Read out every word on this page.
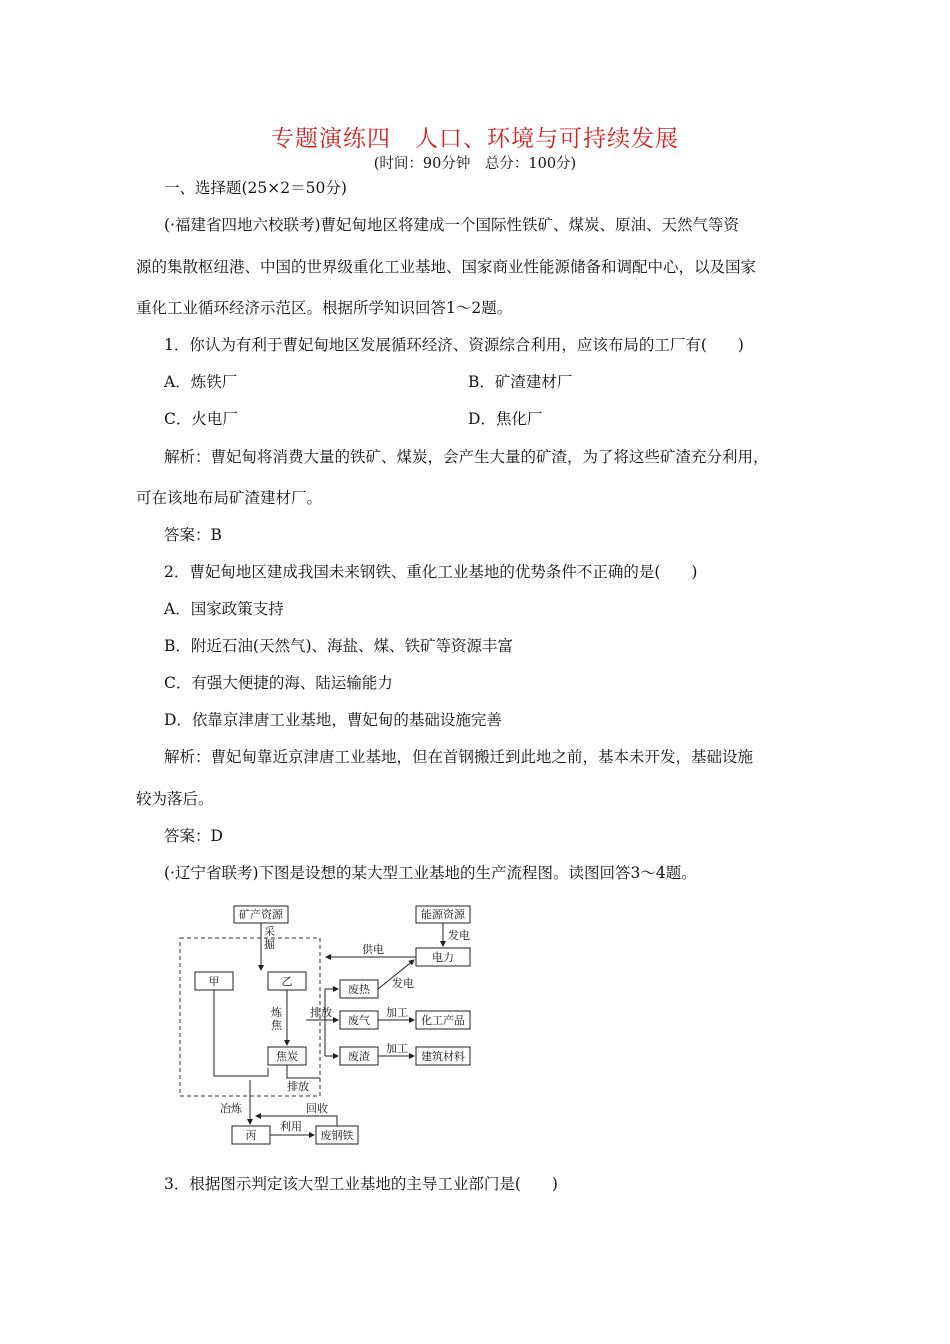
专题演练四　人口、环境与可持续发展
(时间：90分钟　总分：100分)
一、选择题(25×2＝50分)
(·福建省四地六校联考)曹妃甸地区将建成一个国际性铁矿、煤炭、原油、天然气等资
源的集散枢纽港、中国的世界级重化工业基地、国家商业性能源储备和调配中心，以及国家
重化工业循环经济示范区。根据所学知识回答1～2题。
1．你认为有利于曹妃甸地区发展循环经济、资源综合利用，应该布局的工厂有(　　)
A．炼铁厂	B．矿渣建材厂
C．火电厂	D．焦化厂
解析：曹妃甸将消费大量的铁矿、煤炭，会产生大量的矿渣，为了将这些矿渣充分利用，
可在该地布局矿渣建材厂。
答案：B
2．曹妃甸地区建成我国未来钢铁、重化工业基地的优势条件不正确的是(　　)
A．国家政策支持
B．附近石油(天然气)、海盐、煤、铁矿等资源丰富
C．有强大便捷的海、陆运输能力
D．依靠京津唐工业基地，曹妃甸的基础设施完善
解析：曹妃甸靠近京津唐工业基地，但在首钢搬迁到此地之前，基本未开发，基础设施
较为落后。
答案：D
(·辽宁省联考)下图是设想的某大型工业基地的生产流程图。读图回答3～4题。
矿产资源	能源资源
甲	乙
电力
废热
废气	化工产品
废渣	建筑材料
焦炭
丙	废钢铁
采
掘
发电
供电
发电
炼
焦
排放	加工
加工
排放
冶炼	回收
利用
3．根据图示判定该大型工业基地的主导工业部门是(　　)
